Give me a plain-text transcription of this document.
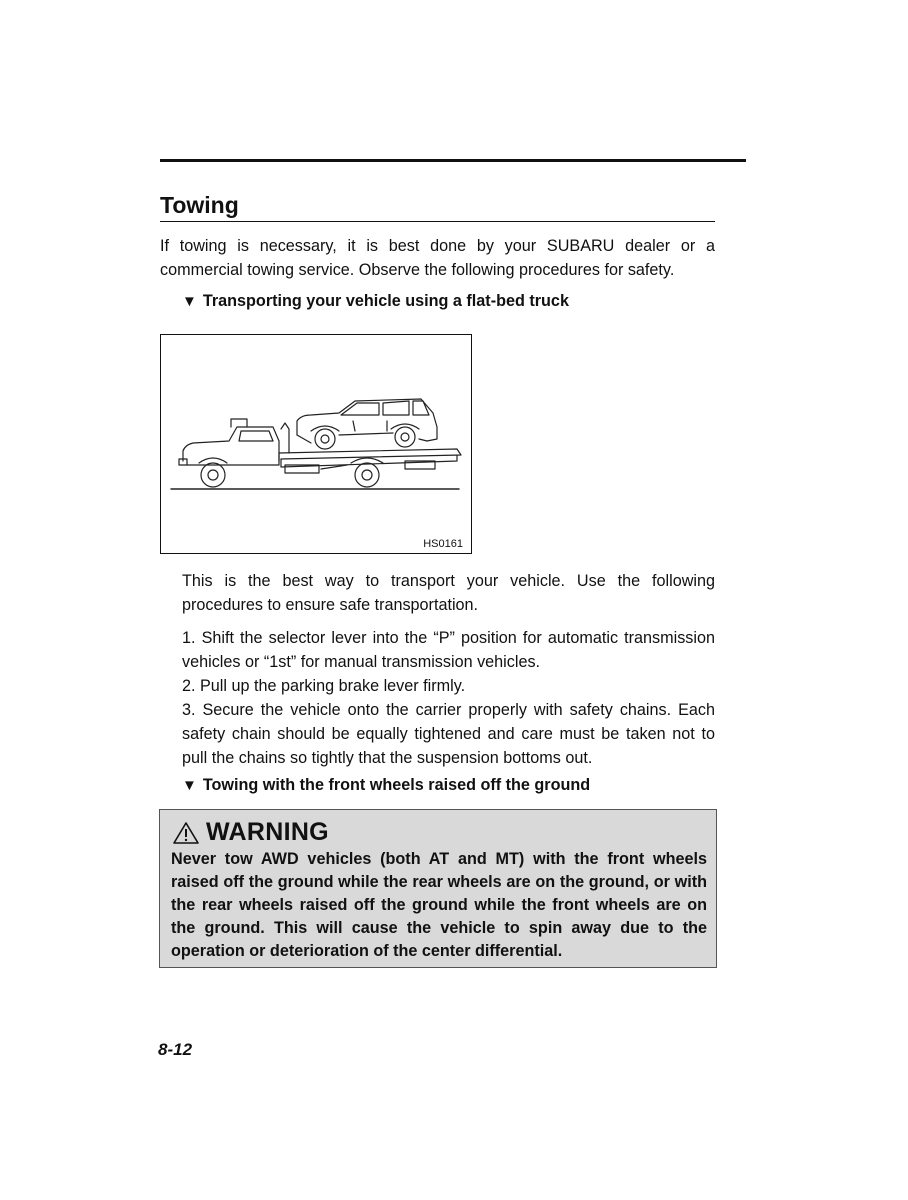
Towing

If towing is necessary, it is best done by your SUBARU dealer or a commercial towing service. Observe the following procedures for safety.

▼ Transporting your vehicle using a flat-bed truck
HS0161

This is the best way to transport your vehicle. Use the following procedures to ensure safe transportation.

1. Shift the selector lever into the “P” position for automatic transmission vehicles or “1st” for manual transmission vehicles.

2. Pull up the parking brake lever firmly.

3. Secure the vehicle onto the carrier properly with safety chains. Each safety chain should be equally tightened and care must be taken not to pull the chains so tightly that the suspension bottoms out.

▼ Towing with the front wheels raised off the ground
WARNING

Never tow AWD vehicles (both AT and MT) with the front wheels raised off the ground while the rear wheels are on the ground, or with the rear wheels raised off the ground while the front wheels are on the ground. This will cause the vehicle to spin away due to the operation or deterioration of the center differential.

8-12
